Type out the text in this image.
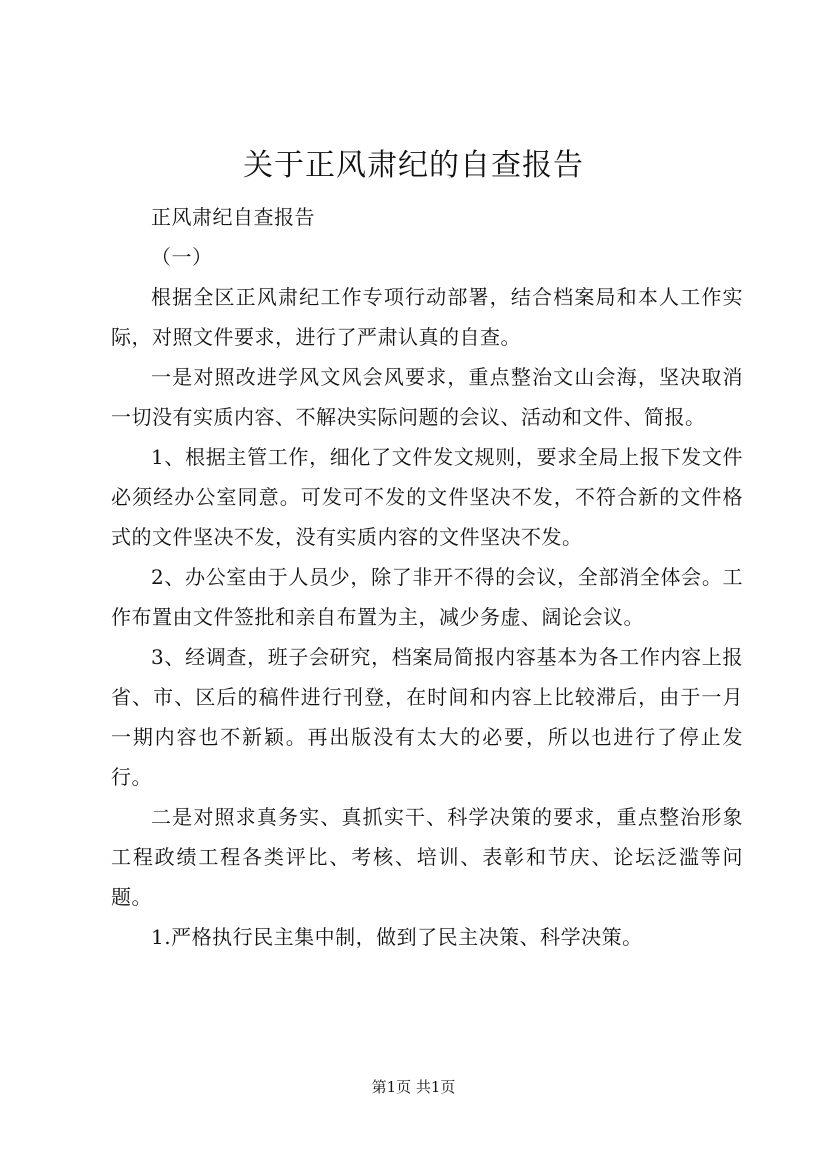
关于正风肃纪的自查报告

正风肃纪自查报告

（一）

根据全区正风肃纪工作专项行动部署，结合档案局和本人工作实际，对照文件要求，进行了严肃认真的自查。

一是对照改进学风文风会风要求，重点整治文山会海，坚决取消一切没有实质内容、不解决实际问题的会议、活动和文件、简报。

1、根据主管工作，细化了文件发文规则，要求全局上报下发文件必须经办公室同意。可发可不发的文件坚决不发，不符合新的文件格式的文件坚决不发，没有实质内容的文件坚决不发。

2、办公室由于人员少，除了非开不得的会议，全部消全体会。工作布置由文件签批和亲自布置为主，减少务虚、阔论会议。

3、经调查，班子会研究，档案局简报内容基本为各工作内容上报省、市、区后的稿件进行刊登，在时间和内容上比较滞后，由于一月一期内容也不新颖。再出版没有太大的必要，所以也进行了停止发行。

二是对照求真务实、真抓实干、科学决策的要求，重点整治形象工程政绩工程各类评比、考核、培训、表彰和节庆、论坛泛滥等问题。

1.严格执行民主集中制，做到了民主决策、科学决策。

第1页 共1页
